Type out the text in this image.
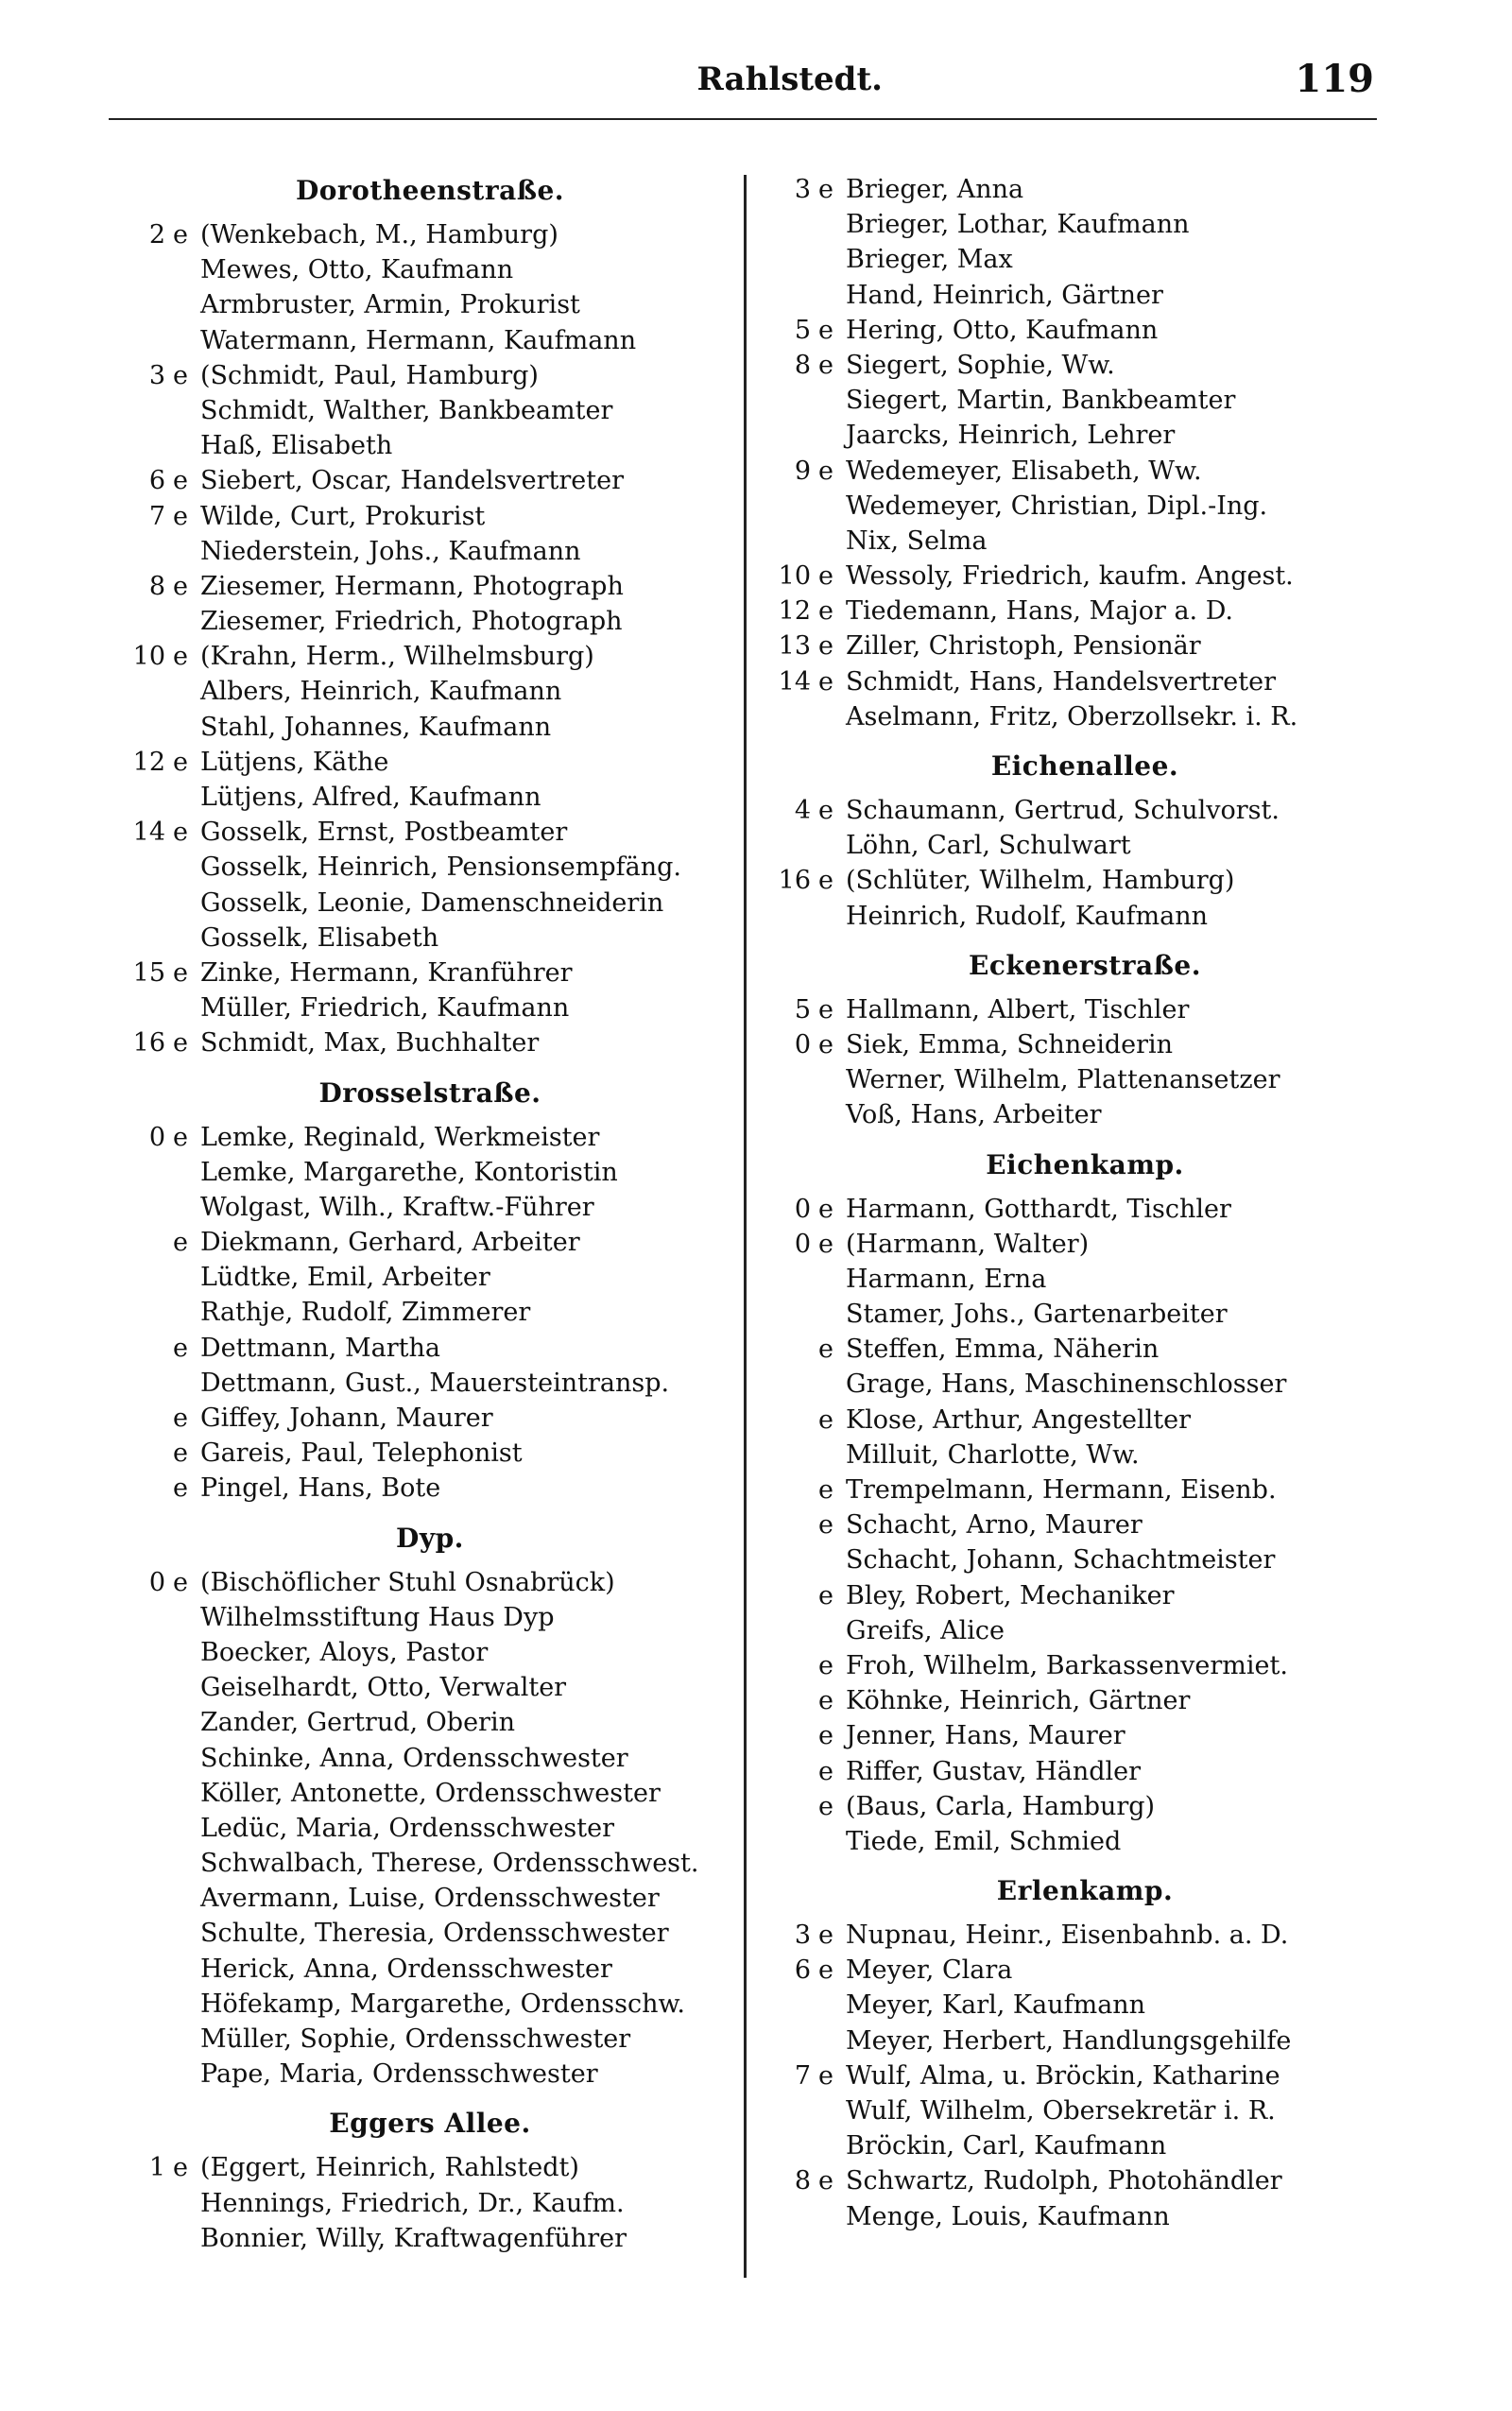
Rahlstedt.	119
Dorotheenstraße.
2 e (Wenkebach, M., Hamburg)
Mewes, Otto, Kaufmann
Armbruster, Armin, Prokurist
Watermann, Hermann, Kaufmann
3 e (Schmidt, Paul, Hamburg)
Schmidt, Walther, Bankbeamter
Haß, Elisabeth
6 e Siebert, Oscar, Handelsvertreter
7 e Wilde, Curt, Prokurist
Niederstein, Johs., Kaufmann
8 e Ziesemer, Hermann, Photograph
Ziesemer, Friedrich, Photograph
10 e (Krahn, Herm., Wilhelmsburg)
Albers, Heinrich, Kaufmann
Stahl, Johannes, Kaufmann
12 e Lütjens, Käthe
Lütjens, Alfred, Kaufmann
14 e Gosselk, Ernst, Postbeamter
Gosselk, Heinrich, Pensionsempfäng.
Gosselk, Leonie, Damenschneiderin
Gosselk, Elisabeth
15 e Zinke, Hermann, Kranführer
Müller, Friedrich, Kaufmann
16 e Schmidt, Max, Buchhalter
Drosselstraße.
0 e Lemke, Reginald, Werkmeister
Lemke, Margarethe, Kontoristin
Wolgast, Wilh., Kraftw.-Führer
e Diekmann, Gerhard, Arbeiter
Lüdtke, Emil, Arbeiter
Rathje, Rudolf, Zimmerer
e Dettmann, Martha
Dettmann, Gust., Mauersteintransp.
e Giffey, Johann, Maurer
e Gareis, Paul, Telephonist
e Pingel, Hans, Bote
Dyp.
0 e (Bischöflicher Stuhl Osnabrück)
Wilhelmsstiftung Haus Dyp
Boecker, Aloys, Pastor
Geiselhardt, Otto, Verwalter
Zander, Gertrud, Oberin
Schinke, Anna, Ordensschwester
Köller, Antonette, Ordensschwester
Ledüc, Maria, Ordensschwester
Schwalbach, Therese, Ordensschwest.
Avermann, Luise, Ordensschwester
Schulte, Theresia, Ordensschwester
Herick, Anna, Ordensschwester
Höfekamp, Margarethe, Ordensschw.
Müller, Sophie, Ordensschwester
Pape, Maria, Ordensschwester
Eggers Allee.
1 e (Eggert, Heinrich, Rahlstedt)
Hennings, Friedrich, Dr., Kaufm.
Bonnier, Willy, Kraftwagenführer
3 e Brieger, Anna
Brieger, Lothar, Kaufmann
Brieger, Max
Hand, Heinrich, Gärtner
5 e Hering, Otto, Kaufmann
8 e Siegert, Sophie, Ww.
Siegert, Martin, Bankbeamter
Jaarcks, Heinrich, Lehrer
9 e Wedemeyer, Elisabeth, Ww.
Wedemeyer, Christian, Dipl.-Ing.
Nix, Selma
10 e Wessoly, Friedrich, kaufm. Angest.
12 e Tiedemann, Hans, Major a. D.
13 e Ziller, Christoph, Pensionär
14 e Schmidt, Hans, Handelsvertreter
Aselmann, Fritz, Oberzollsekr. i. R.
Eichenallee.
4 e Schaumann, Gertrud, Schulvorst.
Löhn, Carl, Schulwart
16 e (Schlüter, Wilhelm, Hamburg)
Heinrich, Rudolf, Kaufmann
Eckenerstraße.
5 e Hallmann, Albert, Tischler
0 e Siek, Emma, Schneiderin
Werner, Wilhelm, Plattenansetzer
Voß, Hans, Arbeiter
Eichenkamp.
0 e Harmann, Gotthardt, Tischler
0 e (Harmann, Walter)
Harmann, Erna
Stamer, Johs., Gartenarbeiter
e Steffen, Emma, Näherin
Grage, Hans, Maschinenschlosser
e Klose, Arthur, Angestellter
Milluit, Charlotte, Ww.
e Trempelmann, Hermann, Eisenb.
e Schacht, Arno, Maurer
Schacht, Johann, Schachtmeister
e Bley, Robert, Mechaniker
Greifs, Alice
e Froh, Wilhelm, Barkassenvermiet.
e Köhnke, Heinrich, Gärtner
e Jenner, Hans, Maurer
e Riffer, Gustav, Händler
e (Baus, Carla, Hamburg)
Tiede, Emil, Schmied
Erlenkamp.
3 e Nupnau, Heinr., Eisenbahnb. a. D.
6 e Meyer, Clara
Meyer, Karl, Kaufmann
Meyer, Herbert, Handlungsgehilfe
7 e Wulf, Alma, u. Bröckin, Katharine
Wulf, Wilhelm, Obersekretär i. R.
Bröckin, Carl, Kaufmann
8 e Schwartz, Rudolph, Photohändler
Menge, Louis, Kaufmann
